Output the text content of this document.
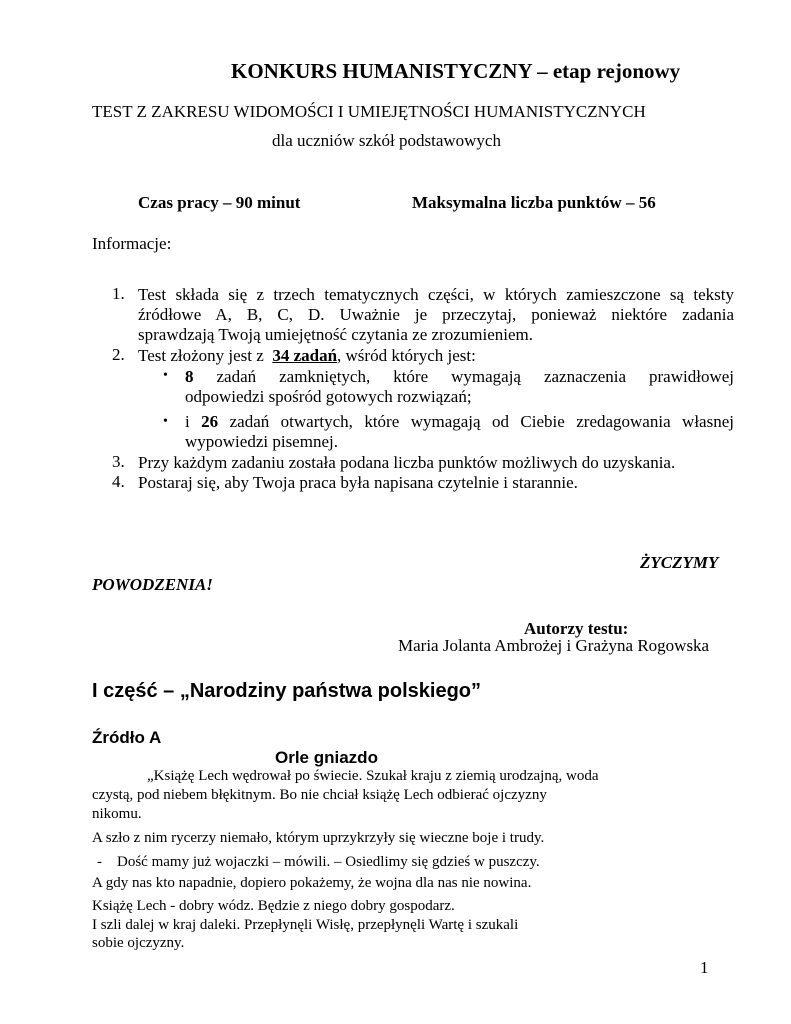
KONKURS HUMANISTYCZNY – etap rejonowy
TEST Z ZAKRESU WIDOMOŚCI I UMIEJĘTNOŚCI HUMANISTYCZNYCH
dla uczniów szkół podstawowych
Czas pracy – 90 minut	Maksymalna liczba punktów – 56
Informacje:
1. Test składa się z trzech tematycznych części, w których zamieszczone są teksty
źródłowe A, B, C, D. Uważnie je przeczytaj, ponieważ niektóre zadania
sprawdzają Twoją umiejętność czytania ze zrozumieniem.
2. Test złożony jest z  34 zadań, wśród których jest:
• 8 zadań zamkniętych, które wymagają zaznaczenia prawidłowej
odpowiedzi spośród gotowych rozwiązań;
• i 26 zadań otwartych, które wymagają od Ciebie zredagowania własnej
wypowiedzi pisemnej.
3. Przy każdym zadaniu została podana liczba punktów możliwych do uzyskania.
4. Postaraj się, aby Twoja praca była napisana czytelnie i starannie.
ŻYCZYMY
POWODZENIA!
Autorzy testu:
Maria Jolanta Ambrożej i Grażyna Rogowska
I część – „Narodziny państwa polskiego”
Źródło A
Orle gniazdo
„Książę Lech wędrował po świecie. Szukał kraju z ziemią urodzajną, woda
czystą, pod niebem błękitnym. Bo nie chciał książę Lech odbierać ojczyzny
nikomu.
A szło z nim rycerzy niemało, którym uprzykrzyły się wieczne boje i trudy.
-    Dość mamy już wojaczki – mówili. – Osiedlimy się gdzieś w puszczy.
A gdy nas kto napadnie, dopiero pokażemy, że wojna dla nas nie nowina.
Książę Lech - dobry wódz. Będzie z niego dobry gospodarz.
I szli dalej w kraj daleki. Przepłynęli Wisłę, przepłynęli Wartę i szukali
sobie ojczyzny.
1
